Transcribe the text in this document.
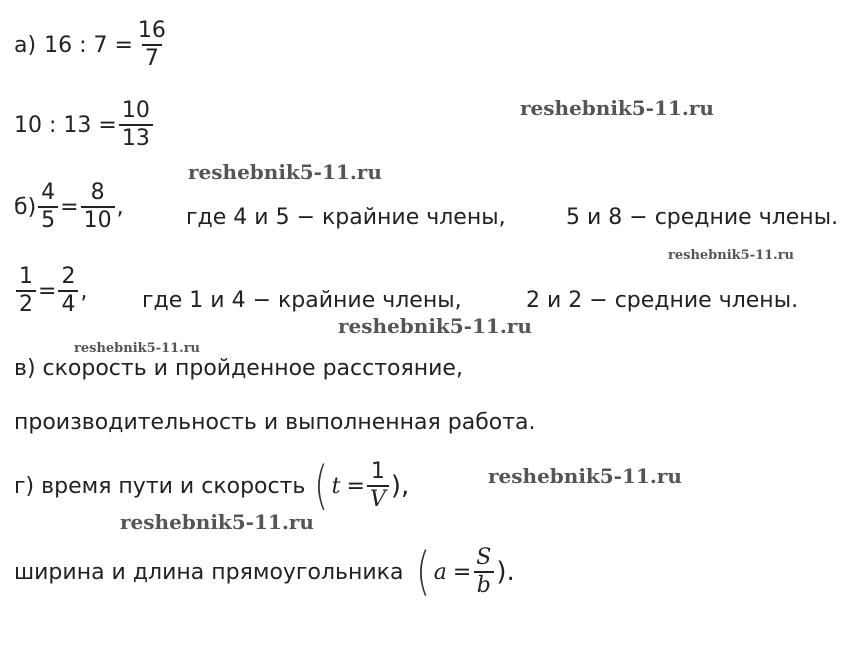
а) 16 : $7 = \frac{16}{7}$
10 : $13 = \frac{10}{13}$
$б) \frac{4}{5} = \frac{8}{10}$ ,	где 4 и 5 − крайние члены,	5 и 8 − средние члены.
$\frac{1}{2} = \frac{2}{4}$ , где 1 и 4 − крайние члены,	2 и 2 − средние члены.
в) скорость и пройденное расстояние,
производительность и выполненная работа.
г) время пути и скорость ( $t = \frac{1}{V}$ ),
ширина и длина прямоугольника ( $a = \frac{S}{b}$ ).
reshebnik5-11.ru
reshebnik5-11.ru
reshebnik5-11.ru
reshebnik5-11.ru
reshebnik5-11.ru
reshebnik5-11.ru
reshebnik5-11.ru
